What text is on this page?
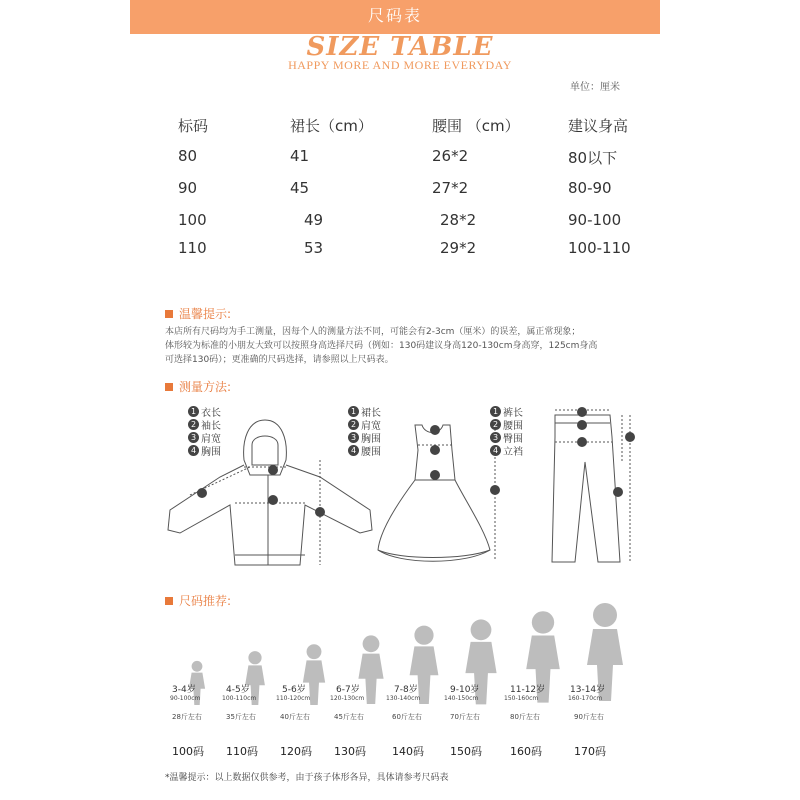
尺码表
SIZE TABLE
HAPPY MORE AND MORE EVERYDAY
单位：厘米
标码	裙长（cm）	腰围 （cm）	建议身高
80	41	26*2	80以下
90	45	27*2	80-90
100	49	28*2	90-100
110	53	29*2	100-110
温馨提示:

本店所有尺码均为手工测量，因每个人的测量方法不同，可能会有2-3cm（厘米）的误差，属正常现象；

体形较为标准的小朋友大致可以按照身高选择尺码（例如：130码建议身高120-130cm身高穿，125cm身高

可选择130码）；更准确的尺码选择，请参照以上尺码表。

测量方法:
1 衣长
2 袖长
3 肩宽
4 胸围
1 裙长
2 肩宽
3 胸围
4 腰围
1 裤长
2 腰围
3 臀围
4 立裆
尺码推荐:
3-4岁
90-100cm
28斤左右
100码
4-5岁
100-110cm
35斤左右
110码
5-6岁
110-120cm
40斤左右
120码
6-7岁
120-130cm
45斤左右
130码
7-8岁
130-140cm
60斤左右
140码
9-10岁
140-150cm
70斤左右
150码
11-12岁
150-160cm
80斤左右
160码
13-14岁
160-170cm
90斤左右
170码
*温馨提示：以上数据仅供参考，由于孩子体形各异，具体请参考尺码表
